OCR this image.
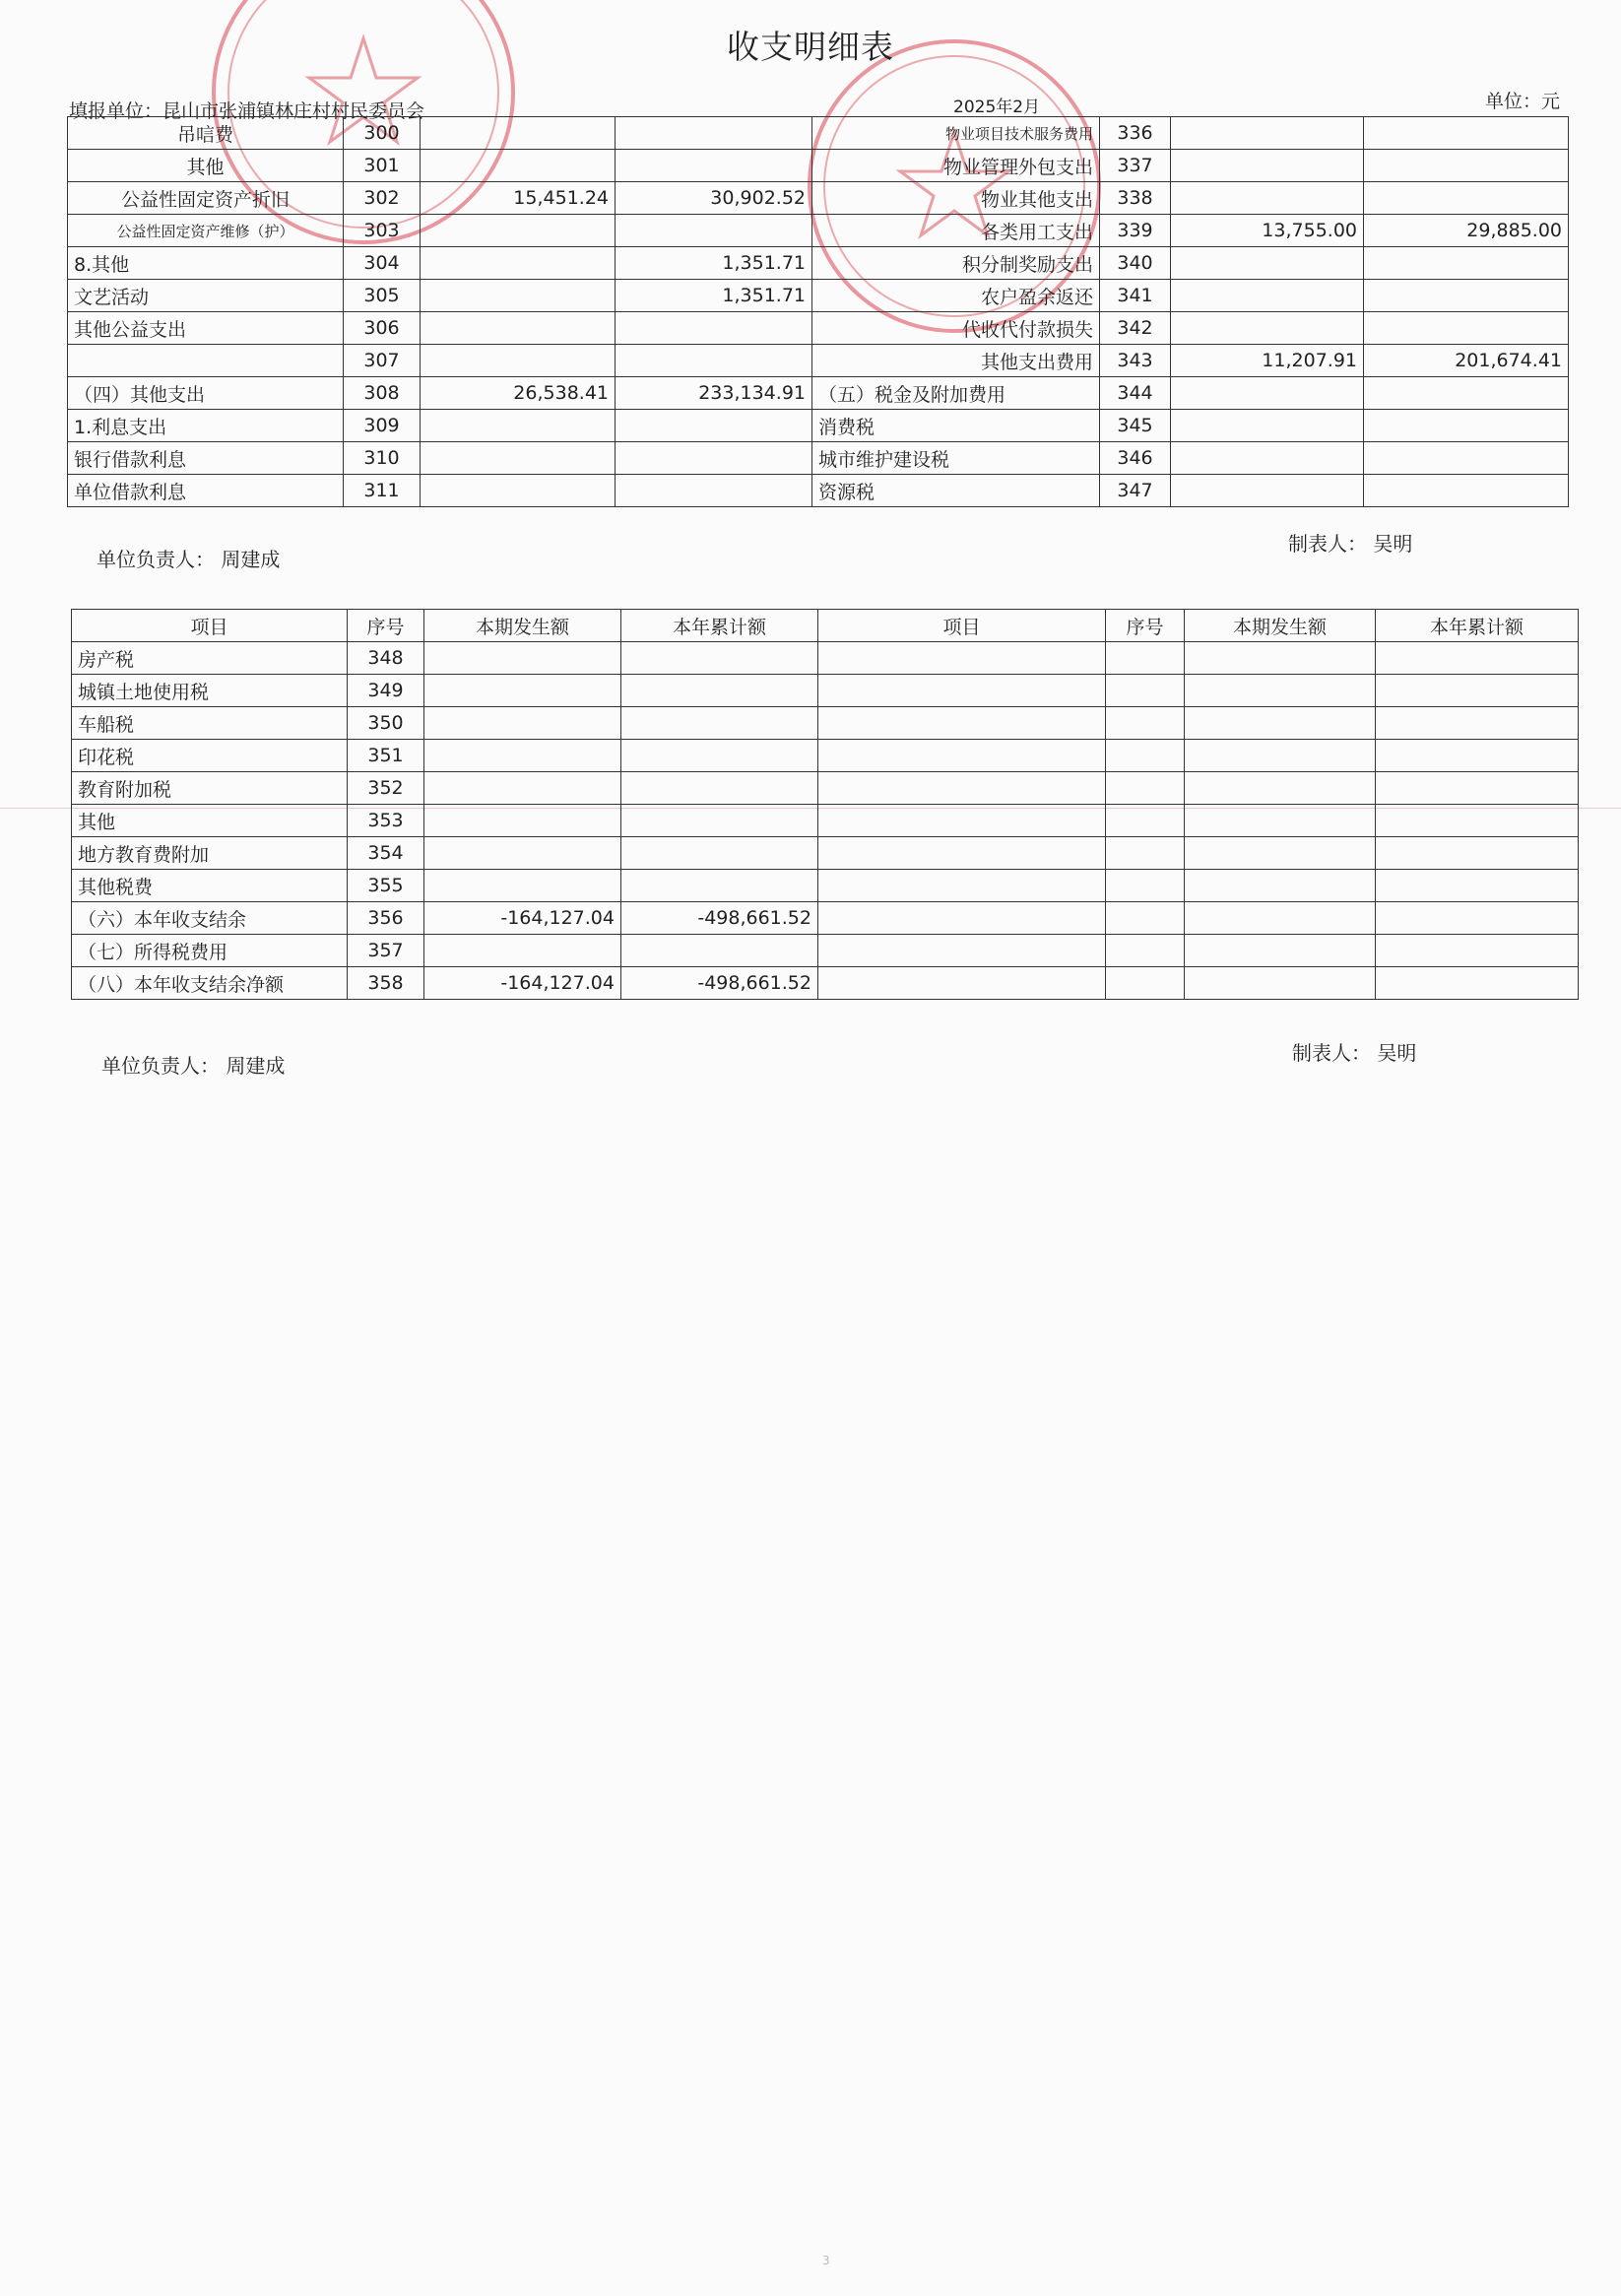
收支明细表
填报单位：昆山市张浦镇林庄村村民委员会	2025年2月	单位：元
吊唁费	300			物业项目技术服务费用	336		
其他	301			物业管理外包支出	337		
公益性固定资产折旧	302	15,451.24	30,902.52	物业其他支出	338		
公益性固定资产维修（护）	303			各类用工支出	339	13,755.00	29,885.00
8.其他	304		1,351.71	积分制奖励支出	340		
文艺活动	305		1,351.71	农户盈余返还	341		
其他公益支出	306			代收代付款损失	342		
	307			其他支出费用	343	11,207.91	201,674.41
（四）其他支出	308	26,538.41	233,134.91	（五）税金及附加费用	344		
1.利息支出	309			消费税	345		
银行借款利息	310			城市维护建设税	346		
单位借款利息	311			资源税	347		
单位负责人： 周建成
制表人： 吴明
项目	序号	本期发生额	本年累计额	项目	序号	本期发生额	本年累计额
房产税	348						
城镇土地使用税	349						
车船税	350						
印花税	351						
教育附加税	352						
其他	353						
地方教育费附加	354						
其他税费	355						
（六）本年收支结余	356	-164,127.04	-498,661.52				
（七）所得税费用	357						
（八）本年收支结余净额	358	-164,127.04	-498,661.52				
单位负责人： 周建成
制表人： 吴明
3
